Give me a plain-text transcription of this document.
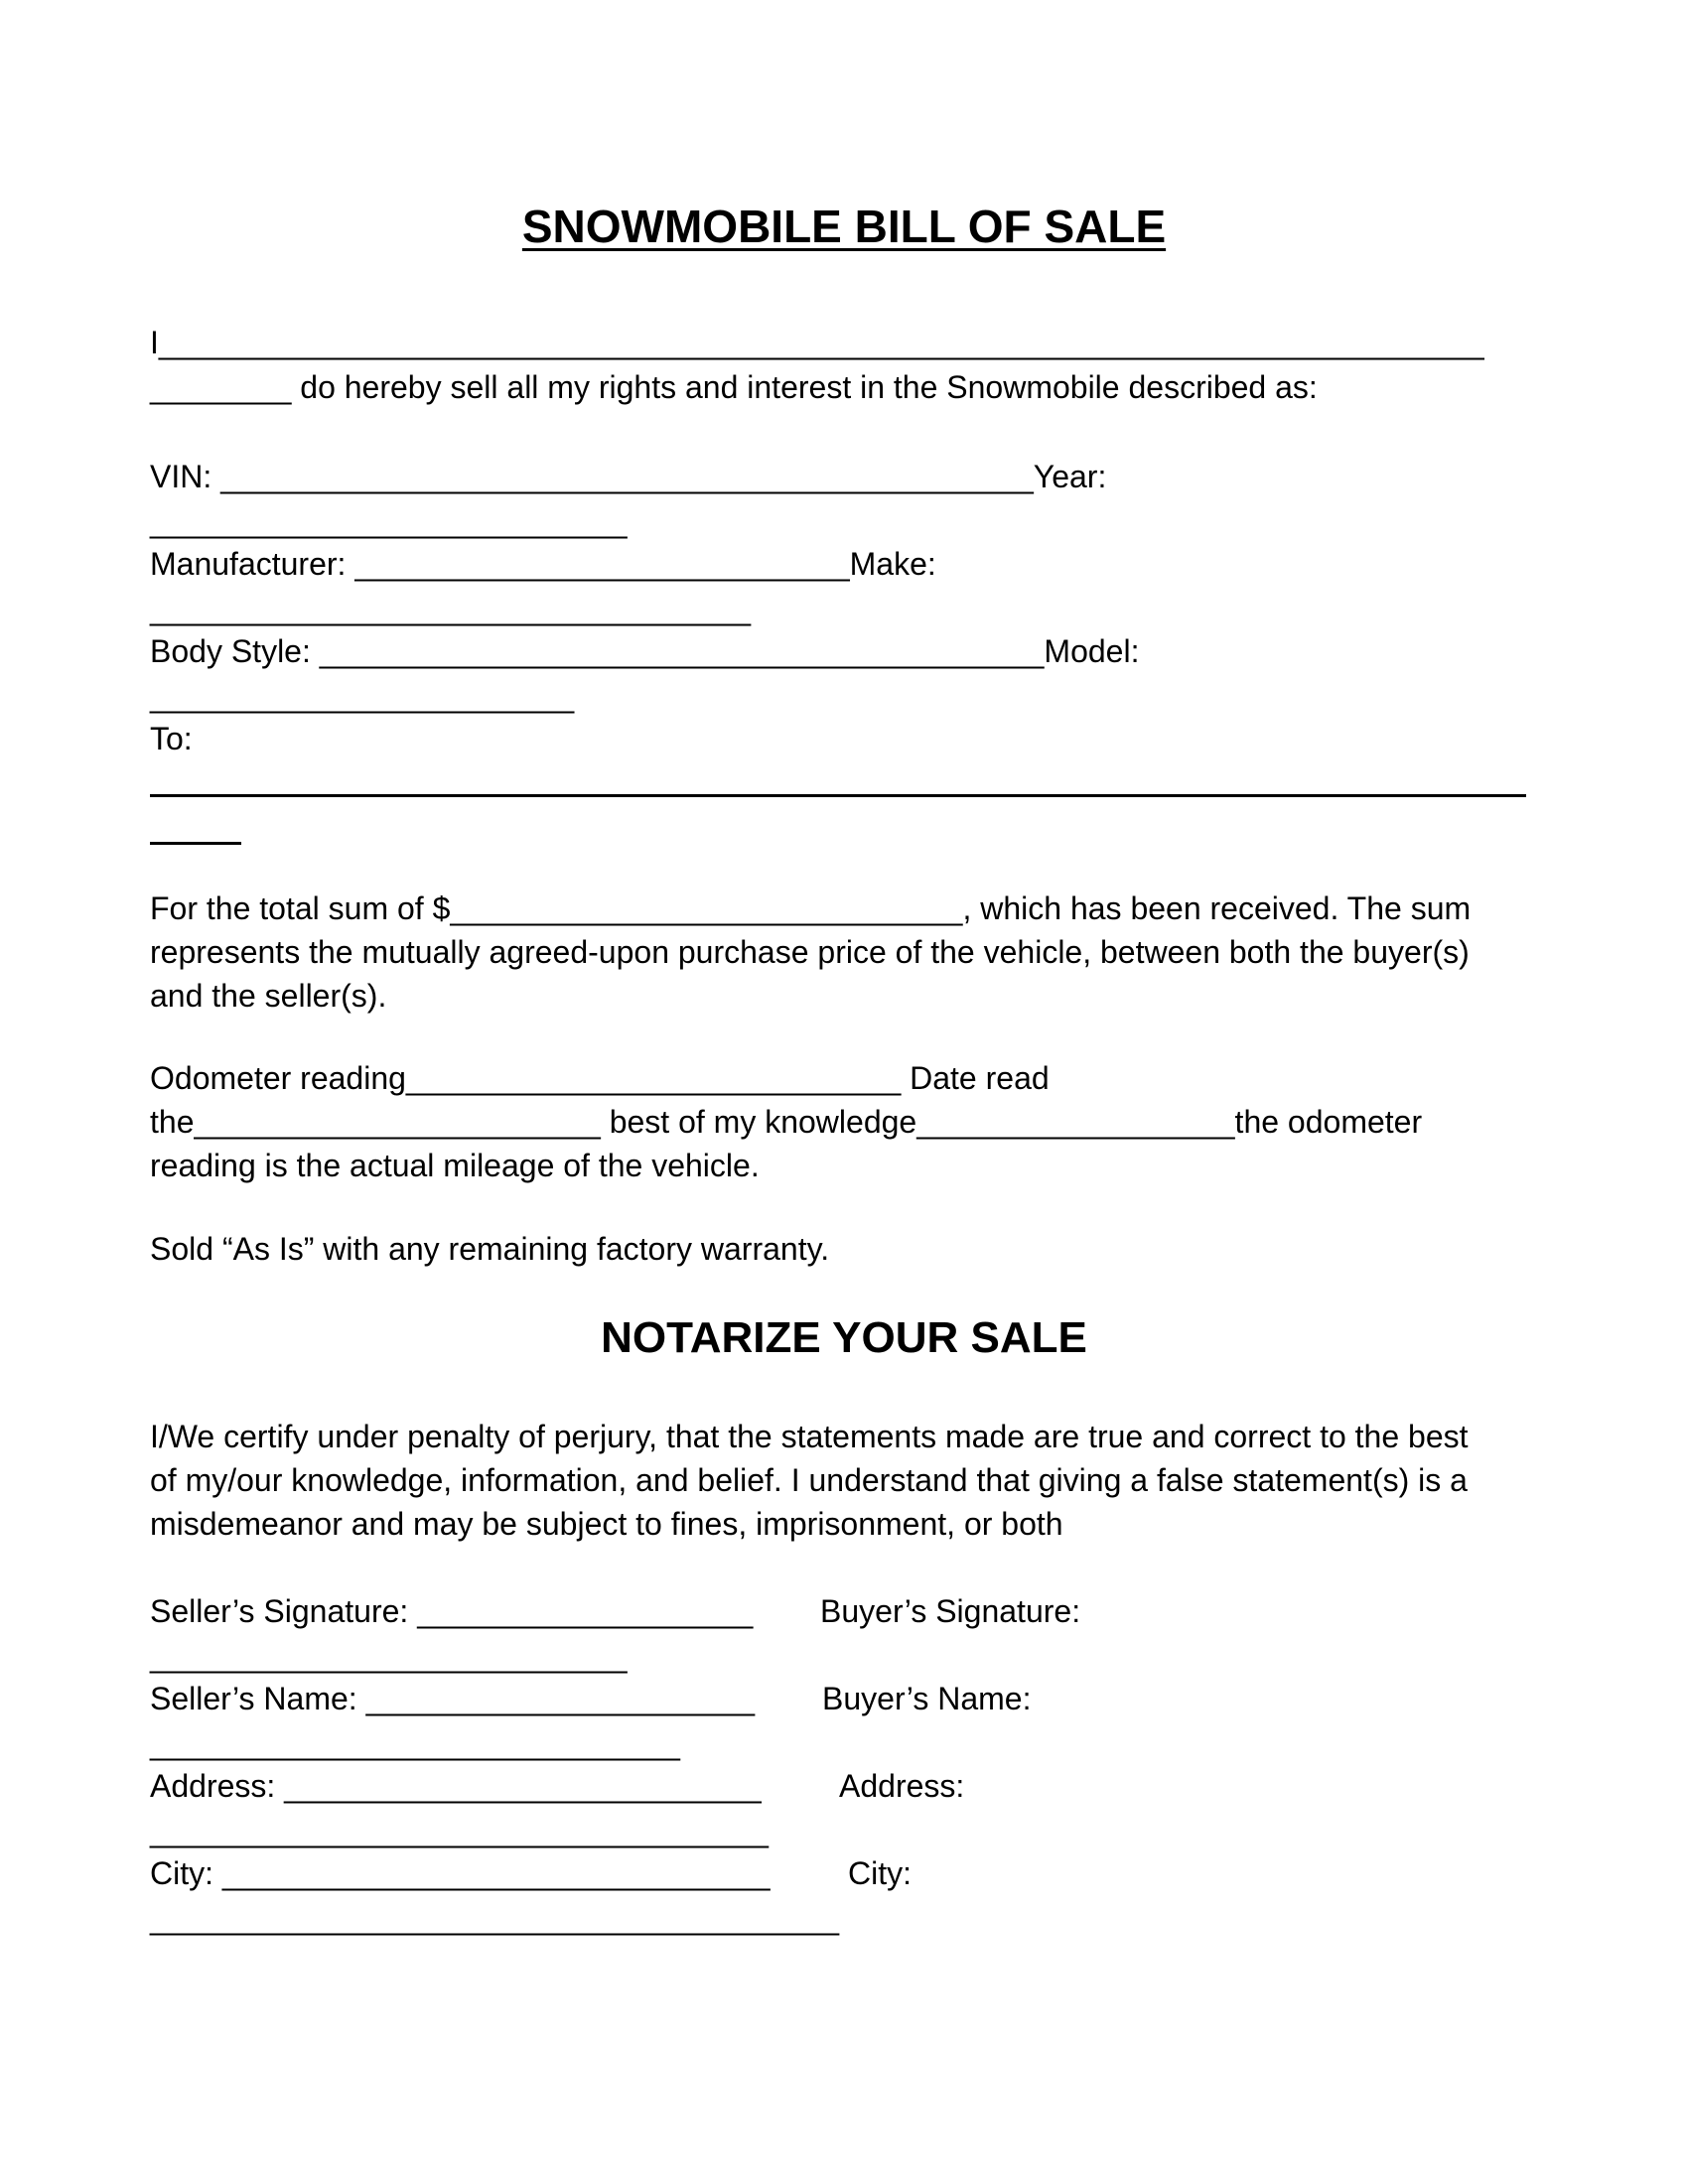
SNOWMOBILE BILL OF SALE
I___________________________________________________________________________
________ do hereby sell all my rights and interest in the Snowmobile described as:
VIN: ______________________________________________Year:
___________________________
Manufacturer: ____________________________Make:
__________________________________
Body Style: _________________________________________Model:
________________________
To:
For the total sum of $_____________________________, which has been received. The sum
represents the mutually agreed-upon purchase price of the vehicle, between both the buyer(s)
and the seller(s).
Odometer reading____________________________ Date read
the_______________________ best of my knowledge__________________the odometer
reading is the actual mileage of the vehicle.
Sold “As Is” with any remaining factory warranty.
NOTARIZE YOUR SALE
I/We certify under penalty of perjury, that the statements made are true and correct to the best
of my/our knowledge, information, and belief. I understand that giving a false statement(s) is a
misdemeanor and may be subject to fines, imprisonment, or both
Seller’s Signature: ___________________ Buyer’s Signature:
___________________________
Seller’s Name: ______________________ Buyer’s Name:
______________________________
Address: ___________________________ Address:
___________________________________
City: _______________________________ City:
_______________________________________
